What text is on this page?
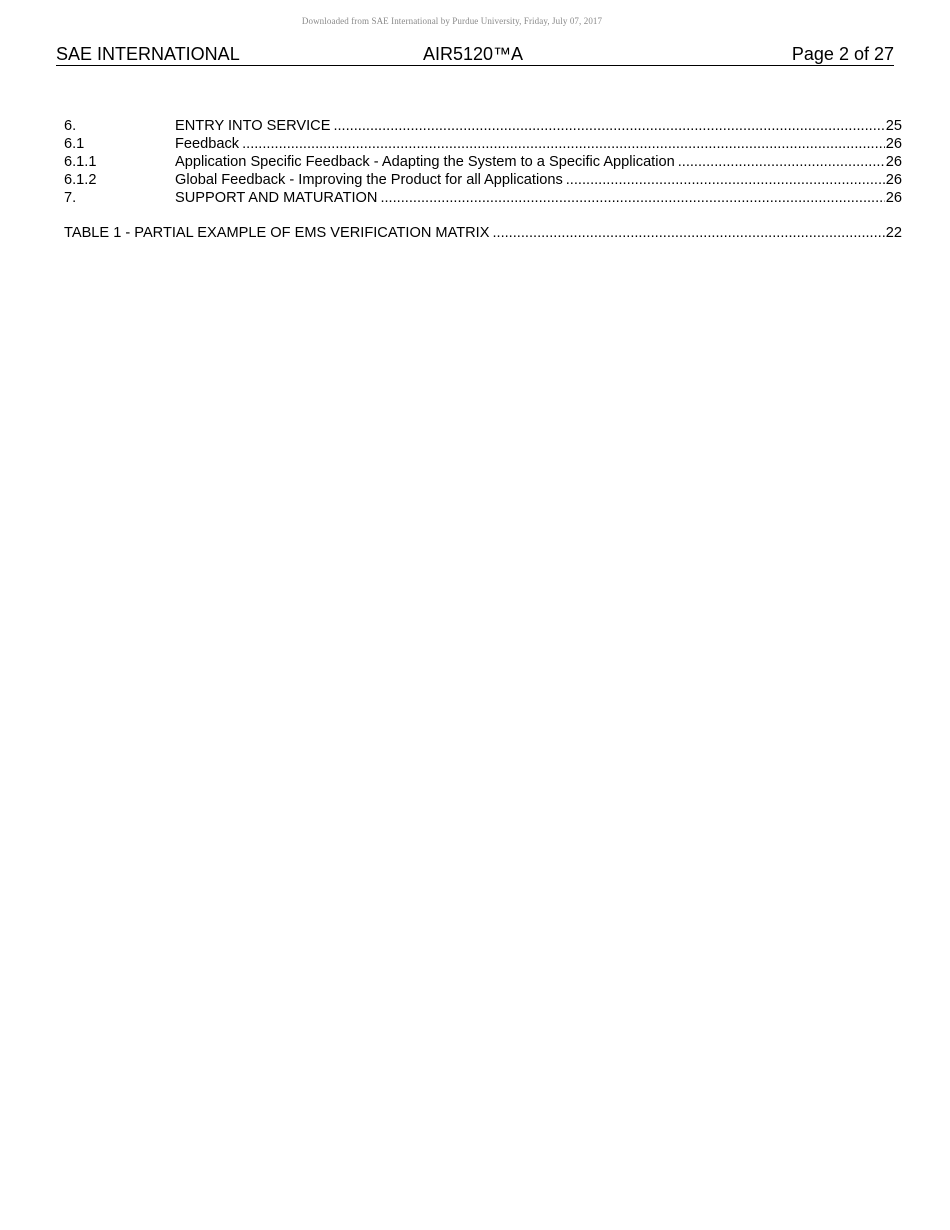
Downloaded from SAE International by Purdue University, Friday, July 07, 2017
SAE INTERNATIONAL	AIR5120™A	Page 2 of 27
6.	ENTRY INTO SERVICE .....	25
6.1	Feedback .....	26
6.1.1	Application Specific Feedback - Adapting the System to a Specific Application .....	26
6.1.2	Global Feedback - Improving the Product for all Applications .....	26
7.	SUPPORT AND MATURATION .....	26
TABLE 1 - PARTIAL EXAMPLE OF EMS VERIFICATION MATRIX .....	22
